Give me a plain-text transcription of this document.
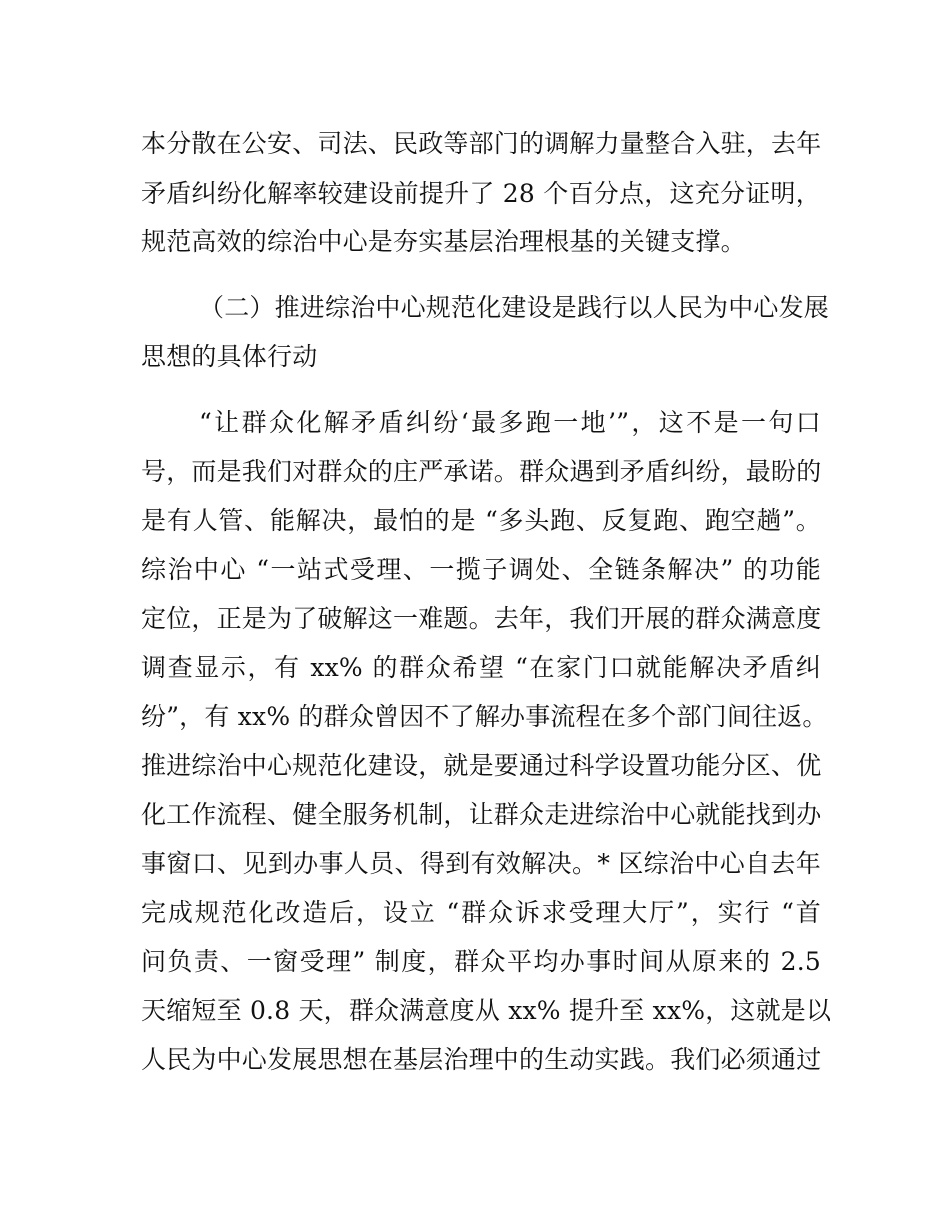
本分散在公安、司法、民政等部门的调解力量整合入驻，去年
矛盾纠纷化解率较建设前提升了 28 个百分点，这充分证明，
规范高效的综治中心是夯实基层治理根基的关键支撑。
（二）推进综治中心规范化建设是践行以人民为中心发展
思想的具体行动
“让群众化解矛盾纠纷‘最多跑一地’”，这不是一句口
号，而是我们对群众的庄严承诺。群众遇到矛盾纠纷，最盼的
是有人管、能解决，最怕的是 “多头跑、反复跑、跑空趟”。
综治中心 “一站式受理、一揽子调处、全链条解决” 的功能
定位，正是为了破解这一难题。去年，我们开展的群众满意度
调查显示，有 xx% 的群众希望 “在家门口就能解决矛盾纠
纷”，有 xx% 的群众曾因不了解办事流程在多个部门间往返。
推进综治中心规范化建设，就是要通过科学设置功能分区、优
化工作流程、健全服务机制，让群众走进综治中心就能找到办
事窗口、见到办事人员、得到有效解决。* 区综治中心自去年
完成规范化改造后，设立 “群众诉求受理大厅”，实行 “首
问负责、一窗受理” 制度，群众平均办事时间从原来的 2.5
天缩短至 0.8 天，群众满意度从 xx% 提升至 xx%，这就是以
人民为中心发展思想在基层治理中的生动实践。我们必须通过
